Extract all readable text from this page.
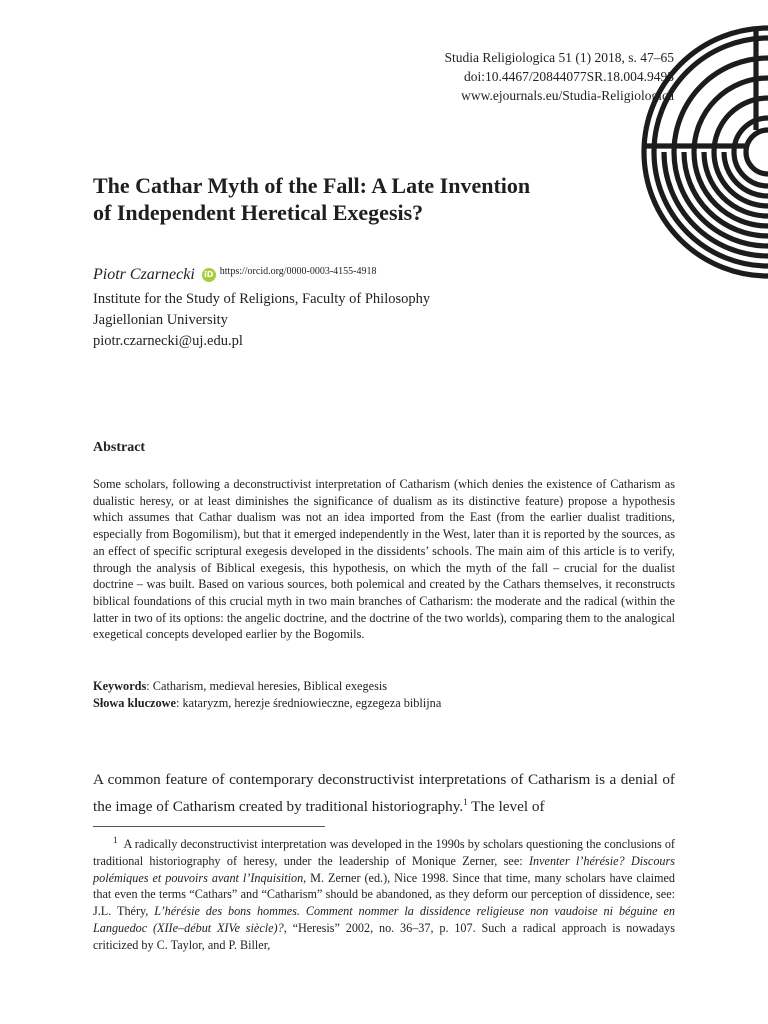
Studia Religiologica 51 (1) 2018, s. 47–65
doi:10.4467/20844077SR.18.004.9493
www.ejournals.eu/Studia-Religiologica
The Cathar Myth of the Fall: A Late Invention
of Independent Heretical Exegesis?
Piotr Czarnecki iD $^{https://orcid.org/0000-0003-4155-4918}$
Institute for the Study of Religions, Faculty of Philosophy
Jagiellonian University
piotr.czarnecki@uj.edu.pl
Abstract
Some scholars, following a deconstructivist interpretation of Catharism (which denies the existence of Catharism as dualistic heresy, or at least diminishes the significance of dualism as its distinctive feature) propose a hypothesis which assumes that Cathar dualism was not an idea imported from the East (from the earlier dualist traditions, especially from Bogomilism), but that it emerged independently in the West, later than it is reported by the sources, as an effect of specific scriptural exegesis developed in the dissidents’ schools. The main aim of this article is to verify, through the analysis of Biblical exegesis, this hypothesis, on which the myth of the fall – crucial for the dualist doctrine – was built. Based on various sources, both polemical and created by the Cathars themselves, it reconstructs biblical foundations of this crucial myth in two main branches of Catharism: the moderate and the radical (within the latter in two of its options: the angelic doctrine, and the doctrine of the two worlds), comparing them to the analogical exegetical concepts developed earlier by the Bogomils.
Keywords: Catharism, medieval heresies, Biblical exegesis
Słowa kluczowe: kataryzm, herezje średniowieczne, egzegeza biblijna
A common feature of contemporary deconstructivist interpretations of Catharism is a denial of the image of Catharism created by traditional historiography.$^1$ The level of
$^1$ A radically deconstructivist interpretation was developed in the 1990s by scholars questioning the conclusions of traditional historiography of heresy, under the leadership of Monique Zerner, see: Inventer l’hérésie? Discours polémiques et pouvoirs avant l’Inquisition, M. Zerner (ed.), Nice 1998. Since that time, many scholars have claimed that even the terms “Cathars” and “Catharism” should be abandoned, as they deform our perception of dissidence, see: J.L. Théry, L’hérésie des bons hommes. Comment nommer la dissidence religieuse non vaudoise ni béguine en Languedoc (XIIe–début XIVe siècle)?, “Heresis” 2002, no. 36–37, p. 107. Such a radical approach is nowadays criticized by C. Taylor, and P. Biller,
